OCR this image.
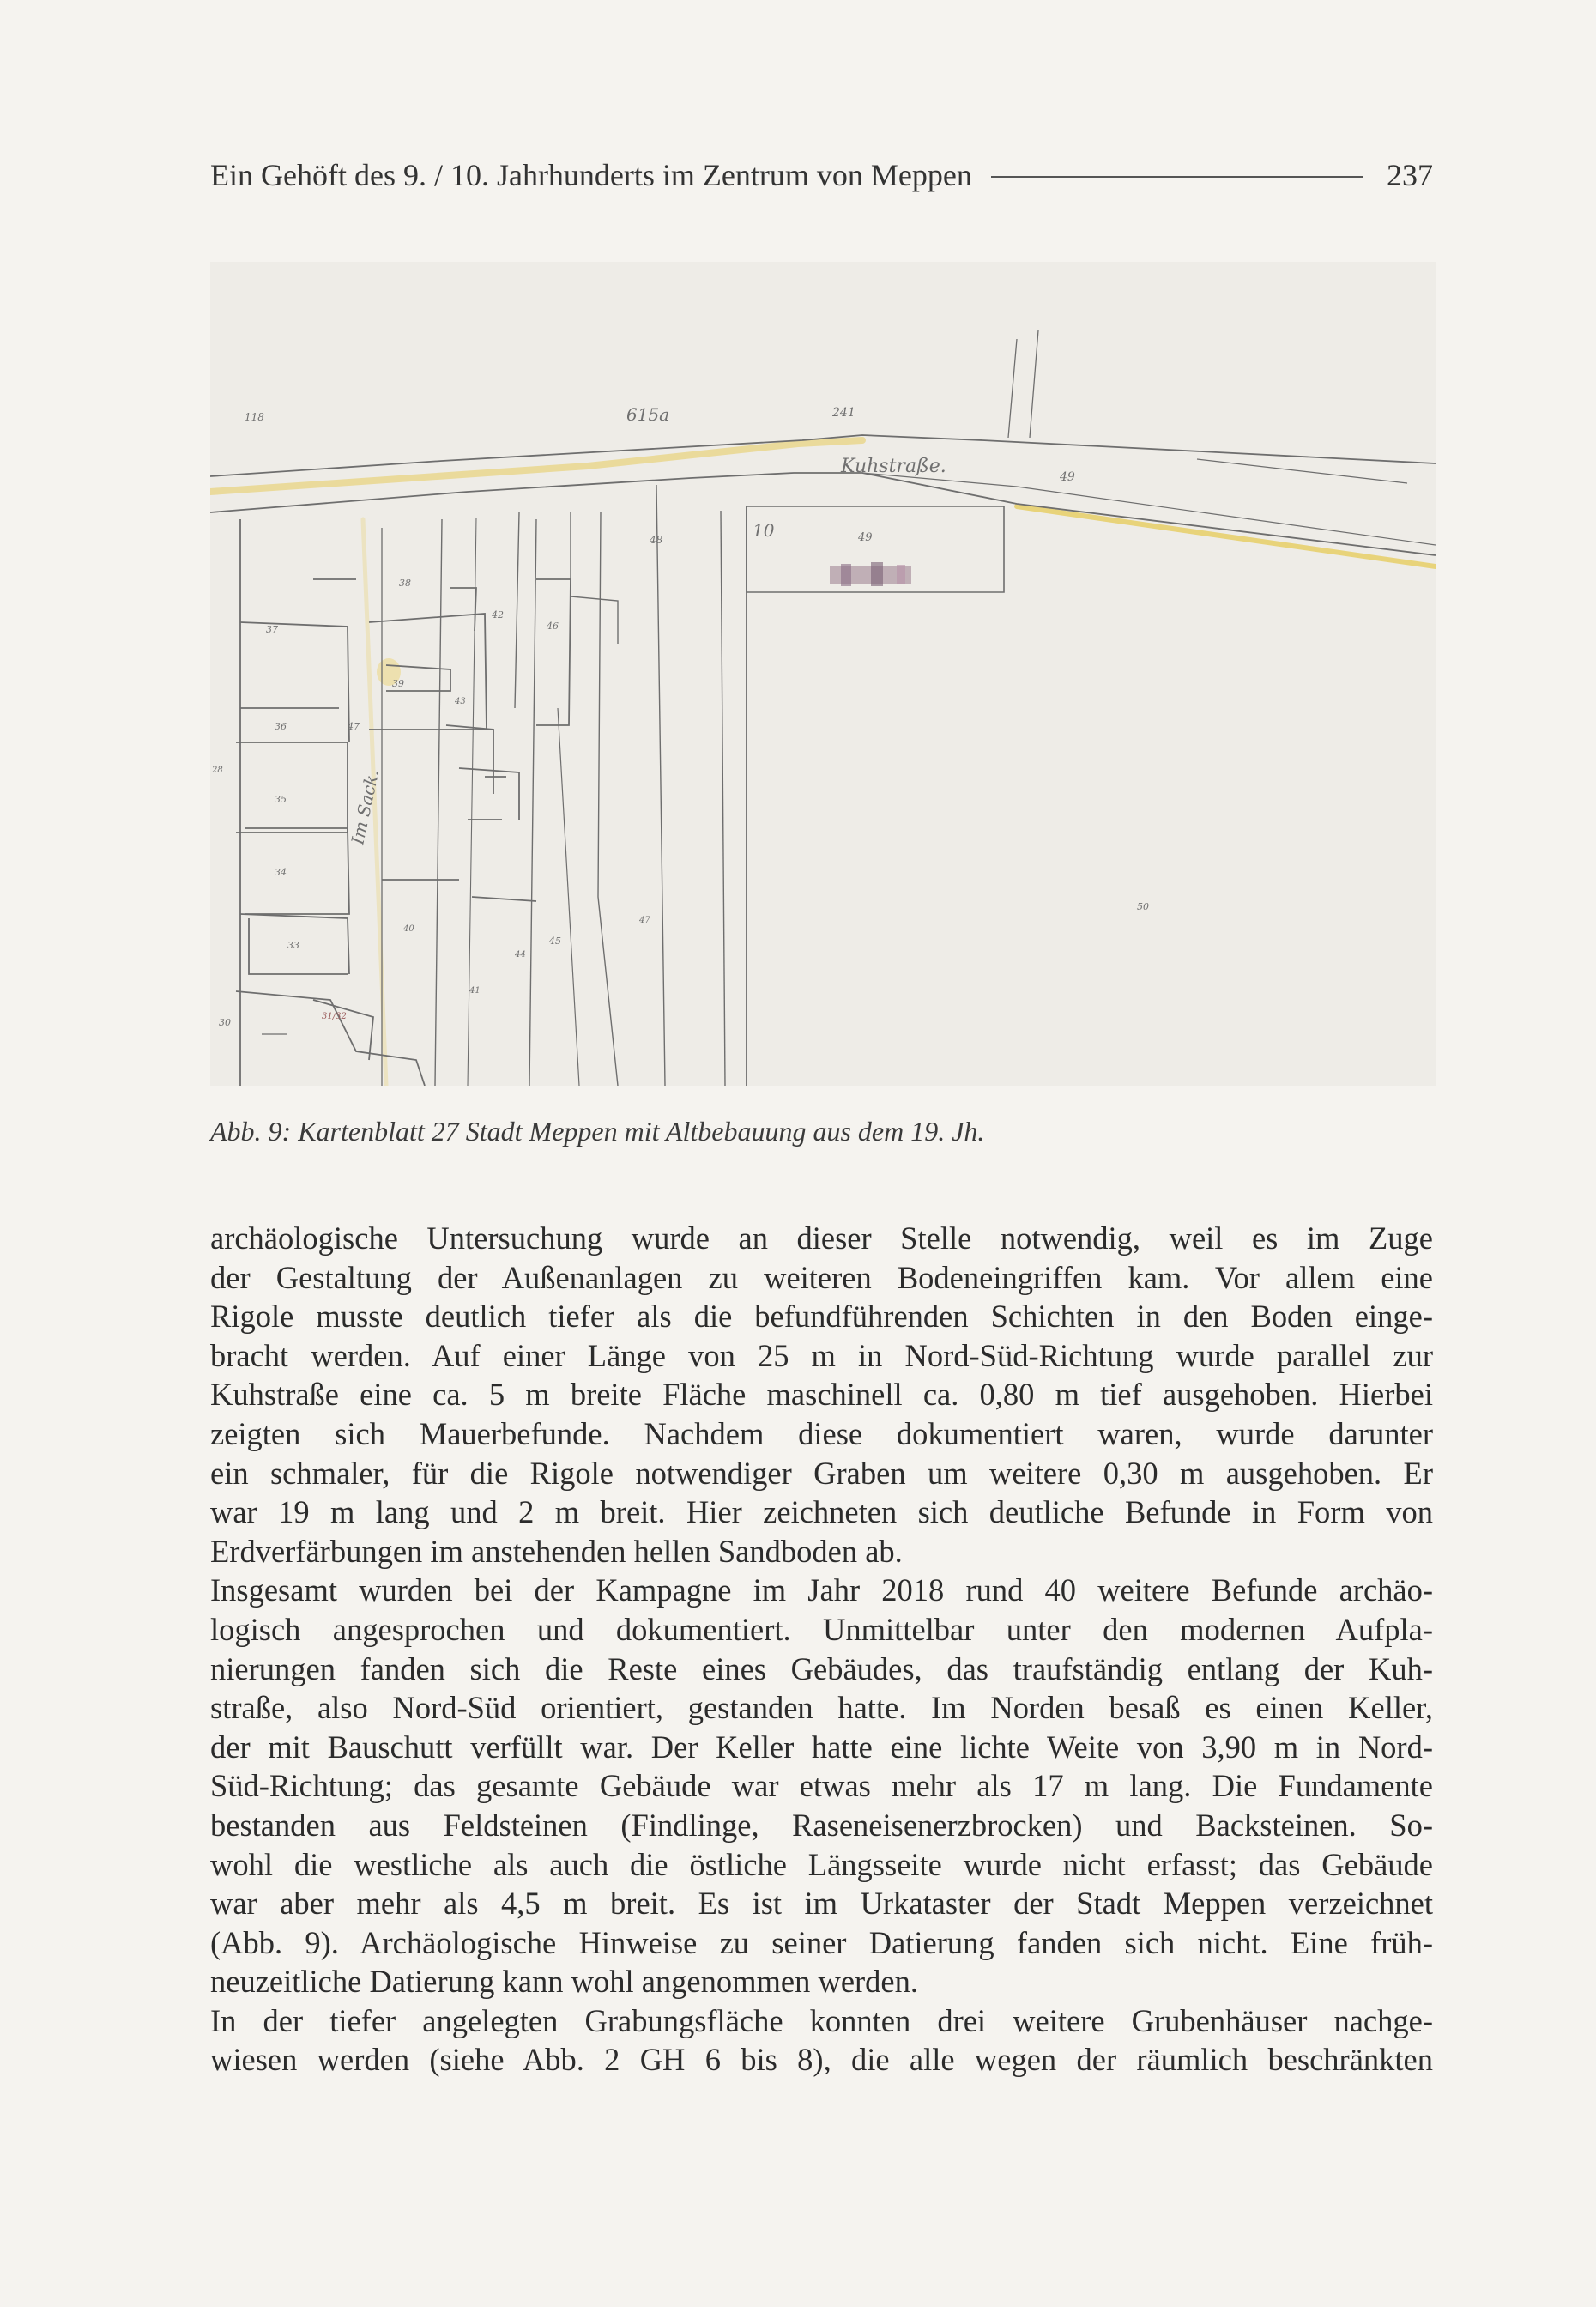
Ein Gehöft des 9. / 10. Jahrhunderts im Zentrum von Meppen	237
615a	241
118
Kuhstraße.	49
49
48	10
38
42
46
37
36	47
39
43
35
34
33
28
40
44
45
47
41
30
31/32
50
Im Sack.
Abb. 9: Kartenblatt 27 Stadt Meppen mit Altbebauung aus dem 19. Jh.
archäologische Untersuchung wurde an dieser Stelle notwendig, weil es im Zuge
der Gestaltung der Außenanlagen zu weiteren Bodeneingriffen kam. Vor allem eine
Rigole musste deutlich tiefer als die befundführenden Schichten in den Boden einge-
bracht werden. Auf einer Länge von 25 m in Nord-Süd-Richtung wurde parallel zur
Kuhstraße eine ca. 5 m breite Fläche maschinell ca. 0,80 m tief ausgehoben. Hierbei
zeigten sich Mauerbefunde. Nachdem diese dokumentiert waren, wurde darunter
ein schmaler, für die Rigole notwendiger Graben um weitere 0,30 m ausgehoben. Er
war 19 m lang und 2 m breit. Hier zeichneten sich deutliche Befunde in Form von
Erdverfärbungen im anstehenden hellen Sandboden ab.
Insgesamt wurden bei der Kampagne im Jahr 2018 rund 40 weitere Befunde archäo-
logisch angesprochen und dokumentiert. Unmittelbar unter den modernen Aufpla-
nierungen fanden sich die Reste eines Gebäudes, das traufständig entlang der Kuh-
straße, also Nord-Süd orientiert, gestanden hatte. Im Norden besaß es einen Keller,
der mit Bauschutt verfüllt war. Der Keller hatte eine lichte Weite von 3,90 m in Nord-
Süd-Richtung; das gesamte Gebäude war etwas mehr als 17 m lang. Die Fundamente
bestanden aus Feldsteinen (Findlinge, Raseneisenerzbrocken) und Backsteinen. So-
wohl die westliche als auch die östliche Längsseite wurde nicht erfasst; das Gebäude
war aber mehr als 4,5 m breit. Es ist im Urkataster der Stadt Meppen verzeichnet
(Abb. 9). Archäologische Hinweise zu seiner Datierung fanden sich nicht. Eine früh-
neuzeitliche Datierung kann wohl angenommen werden.
In der tiefer angelegten Grabungsfläche konnten drei weitere Grubenhäuser nachge-
wiesen werden (siehe Abb. 2 GH 6 bis 8), die alle wegen der räumlich beschränkten
